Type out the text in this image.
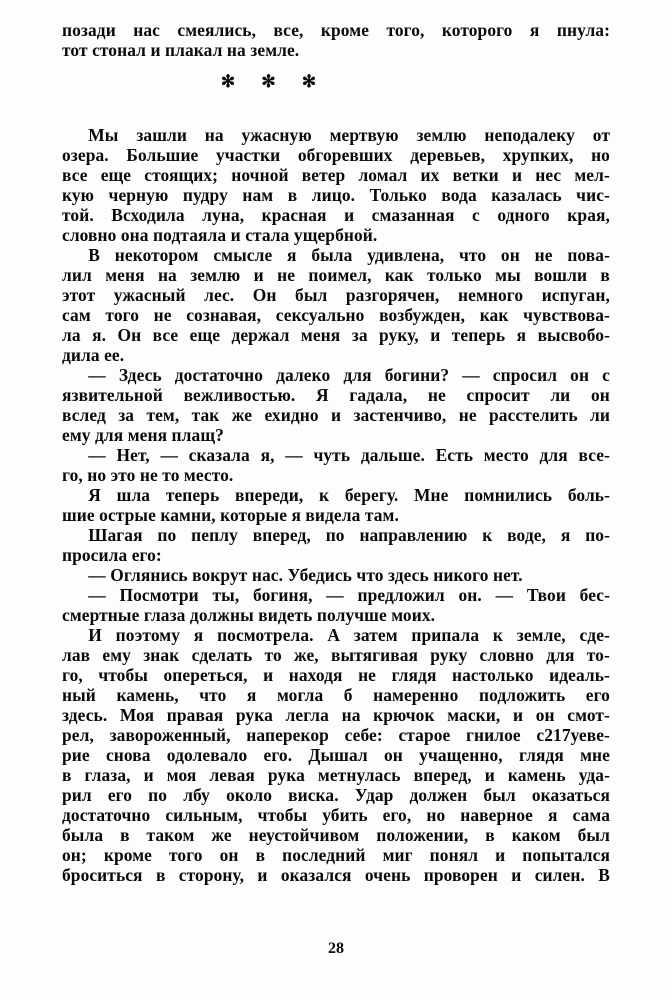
позади нас смеялись, все, кроме того, которого я пнула:
тот стонал и плакал на земле.
  Мы зашли на ужасную мертвую землю неподалеку от
озера. Большие участки обгоревших деревьев, хрупких, но
все еще стоящих; ночной ветер ломал их ветки и нес мел-
кую черную пудру нам в лицо. Только вода казалась чис-
той. Всходила луна, красная и смазанная с одного края,
словно она подтаяла и стала ущербной.
  В некотором смысле я была удивлена, что он не пова-
лил меня на землю и не поимел, как только мы вошли в
этот ужасный лес. Он был разгорячен, немного испуган,
сам того не сознавая, сексуально возбужден, как чувствова-
ла я. Он все еще держал меня за руку, и теперь я высвобо-
дила ее.
  — Здесь достаточно далеко для богини? — спросил он с
язвительной вежливостью. Я гадала, не спросит ли он
вслед за тем, так же ехидно и застенчиво, не расстелить ли
ему для меня плащ?
  — Нет, — сказала я, — чуть дальше. Есть место для все-
го, но это не то место.
  Я шла теперь впереди, к берегу. Мне помнились боль-
шие острые камни, которые я видела там.
  Шагая по пеплу вперед, по направлению к воде, я по-
просила его:
  — Оглянись вокрут нас. Убедись что здесь никого нет.
  — Посмотри ты, богиня, — предложил он. — Твои бес-
смертные глаза должны видеть получше моих.
  И поэтому я посмотрела. А затем припала к земле, сде-
лав ему знак сделать то же, вытягивая руку словно для то-
го, чтобы опереться, и находя не глядя настолько идеаль-
ный камень, что я могла б намеренно подложить его
здесь. Моя правая рука легла на крючок маски, и он смот-
рел, завороженный, наперекор себе: старое гнилое с217уеве-
рие снова одолевало его. Дышал он учащенно, глядя мне
в глаза, и моя левая рука метнулась вперед, и камень уда-
рил его по лбу около виска. Удар должен был оказаться
достаточно сильным, чтобы убить его, но наверное я сама
была в таком же неустойчивом положении, в каком был
он; кроме того он в последний миг понял и попытался
броситься в сторону, и оказался очень проворен и силен. В
✻ ✻ ✻
28
